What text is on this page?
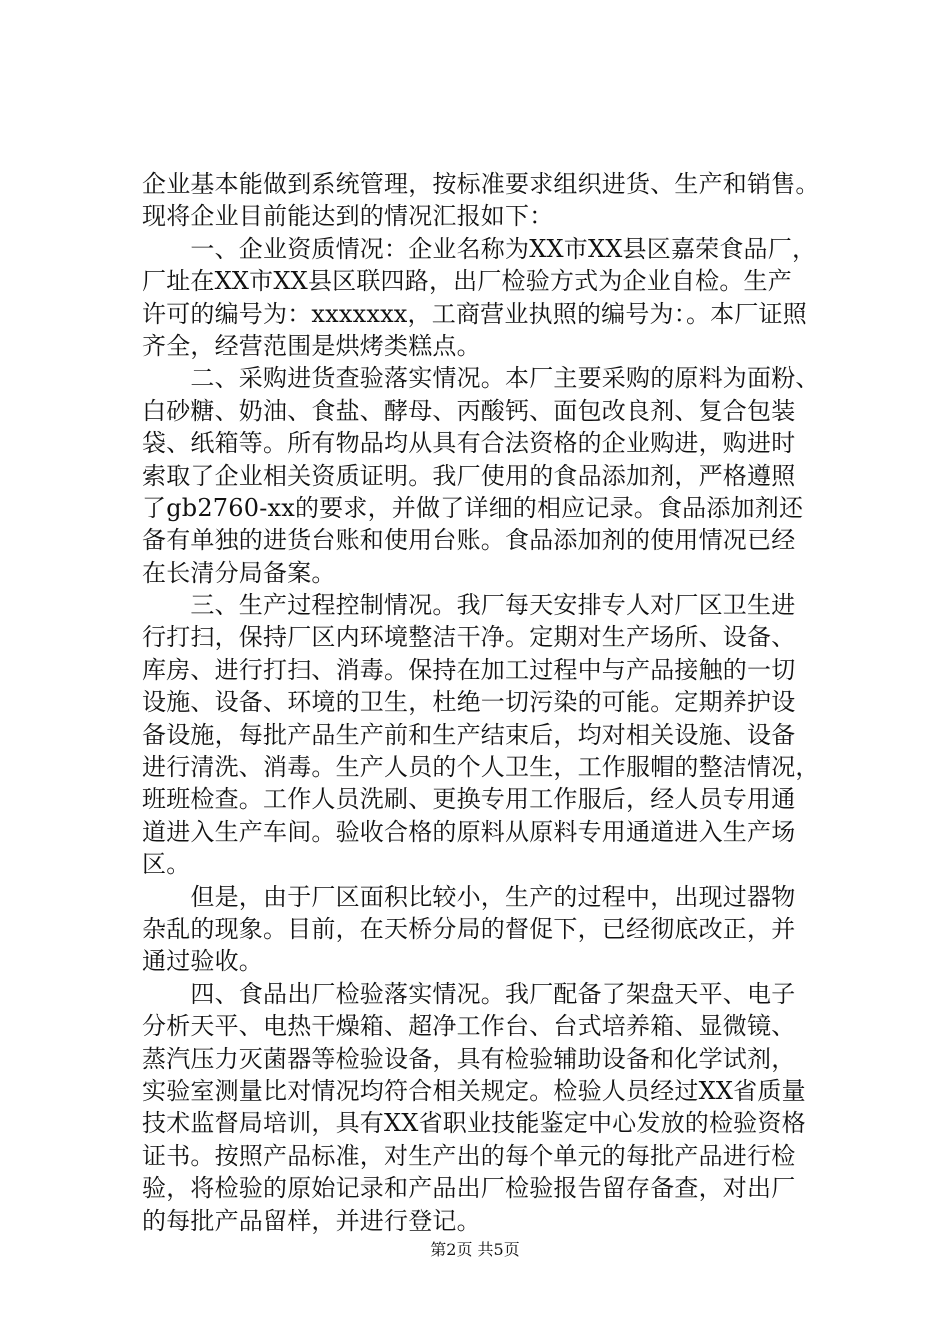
企业基本能做到系统管理，按标准要求组织进货、生产和销售。
现将企业目前能达到的情况汇报如下：
　　一、企业资质情况：企业名称为XX市XX县区嘉荣食品厂，
厂址在XX市XX县区联四路，出厂检验方式为企业自检。生产
许可的编号为：xxxxxxx，工商营业执照的编号为：。本厂证照
齐全，经营范围是烘烤类糕点。
　　二、采购进货查验落实情况。本厂主要采购的原料为面粉、
白砂糖、奶油、食盐、酵母、丙酸钙、面包改良剂、复合包装
袋、纸箱等。所有物品均从具有合法资格的企业购进，购进时
索取了企业相关资质证明。我厂使用的食品添加剂，严格遵照
了gb2760-xx的要求，并做了详细的相应记录。食品添加剂还
备有单独的进货台账和使用台账。食品添加剂的使用情况已经
在长清分局备案。
　　三、生产过程控制情况。我厂每天安排专人对厂区卫生进
行打扫，保持厂区内环境整洁干净。定期对生产场所、设备、
库房、进行打扫、消毒。保持在加工过程中与产品接触的一切
设施、设备、环境的卫生，杜绝一切污染的可能。定期养护设
备设施，每批产品生产前和生产结束后，均对相关设施、设备
进行清洗、消毒。生产人员的个人卫生，工作服帽的整洁情况，
班班检查。工作人员洗刷、更换专用工作服后，经人员专用通
道进入生产车间。验收合格的原料从原料专用通道进入生产场
区。
　　但是，由于厂区面积比较小，生产的过程中，出现过器物
杂乱的现象。目前，在天桥分局的督促下，已经彻底改正，并
通过验收。
　　四、食品出厂检验落实情况。我厂配备了架盘天平、电子
分析天平、电热干燥箱、超净工作台、台式培养箱、显微镜、
蒸汽压力灭菌器等检验设备，具有检验辅助设备和化学试剂，
实验室测量比对情况均符合相关规定。检验人员经过XX省质量
技术监督局培训，具有XX省职业技能鉴定中心发放的检验资格
证书。按照产品标准，对生产出的每个单元的每批产品进行检
验，将检验的原始记录和产品出厂检验报告留存备查，对出厂
的每批产品留样，并进行登记。
第2页 共5页
